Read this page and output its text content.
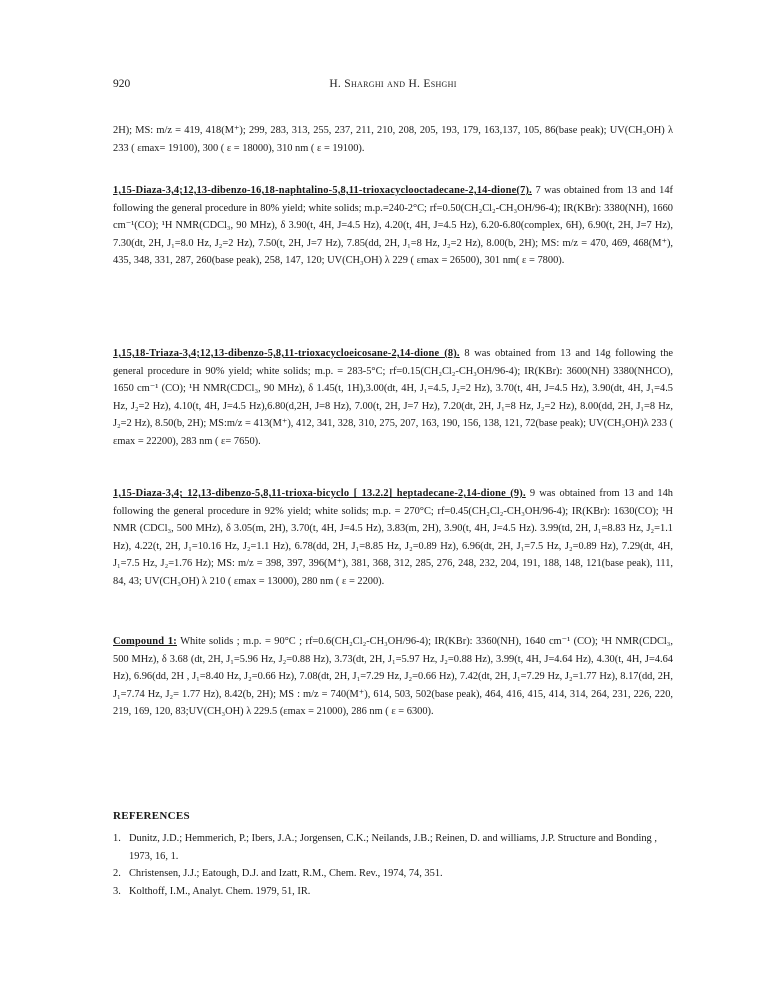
920	H. Sharghi and H. Eshghi

2H); MS: m/z = 419, 418(M⁺); 299, 283, 313, 255, 237, 211, 210, 208, 205, 193, 179, 163,137, 105, 86(base peak); UV(CH₃OH) λ 233 ( εmax= 19100), 300 ( ε = 18000), 310 nm ( ε = 19100).

1,15-Diaza-3,4;12,13-dibenzo-16,18-naphtalino-5,8,11-trioxacyclooctadecane-2,14-dione(7). 7 was obtained from 13 and 14f following the general procedure in 80% yield; white solids; m.p.=240-2°C; rf=0.50(CH₂Cl₂-CH₃OH/96-4); IR(KBr): 3380(NH), 1660 cm⁻¹(CO); ¹H NMR(CDCl₃, 90 MHz), δ 3.90(t, 4H, J=4.5 Hz), 4.20(t, 4H, J=4.5 Hz), 6.20-6.80(complex, 6H), 6.90(t, 2H, J=7 Hz), 7.30(dt, 2H, J₁=8.0 Hz, J₂=2 Hz), 7.50(t, 2H, J=7 Hz), 7.85(dd, 2H, J₁=8 Hz, J₂=2 Hz), 8.00(b, 2H); MS: m/z = 470, 469, 468(M⁺), 435, 348, 331, 287, 260(base peak), 258, 147, 120; UV(CH₃OH) λ 229 ( εmax = 26500), 301 nm( ε = 7800).

1,15,18-Triaza-3,4;12,13-dibenzo-5,8,11-trioxacycloeicosane-2,14-dione (8). 8 was obtained from 13 and 14g following the general procedure in 90% yield; white solids; m.p. = 283-5°C; rf=0.15(CH₂Cl₂-CH₃OH/96-4); IR(KBr): 3600(NH) 3380(NHCO), 1650 cm⁻¹ (CO); ¹H NMR(CDCl₃, 90 MHz), δ 1.45(t, 1H),3.00(dt, 4H, J₁=4.5, J₂=2 Hz), 3.70(t, 4H, J=4.5 Hz), 3.90(dt, 4H, J₁=4.5 Hz, J₂=2 Hz), 4.10(t, 4H, J=4.5 Hz),6.80(d,2H, J=8 Hz), 7.00(t, 2H, J=7 Hz), 7.20(dt, 2H, J₁=8 Hz, J₂=2 Hz), 8.00(dd, 2H, J₁=8 Hz, J₂=2 Hz), 8.50(b, 2H); MS:m/z = 413(M⁺), 412, 341, 328, 310, 275, 207, 163, 190, 156, 138, 121, 72(base peak); UV(CH₃OH)λ 233 ( εmax = 22200), 283 nm ( ε= 7650).

1,15-Diaza-3,4; 12,13-dibenzo-5,8,11-trioxa-bicyclo [ 13.2.2] heptadecane-2,14-dione (9). 9 was obtained from 13 and 14h following the general procedure in 92% yield; white solids; m.p. = 270°C; rf=0.45(CH₂Cl₂-CH₃OH/96-4); IR(KBr): 1630(CO); ¹H NMR (CDCl₃, 500 MHz), δ 3.05(m, 2H), 3.70(t, 4H, J=4.5 Hz), 3.83(m, 2H), 3.90(t, 4H, J=4.5 Hz). 3.99(td, 2H, J₁=8.83 Hz, J₂=1.1 Hz), 4.22(t, 2H, J₁=10.16 Hz, J₂=1.1 Hz), 6.78(dd, 2H, J₁=8.85 Hz, J₂=0.89 Hz), 6.96(dt, 2H, J₁=7.5 Hz, J₂=0.89 Hz), 7.29(dt, 4H, J₁=7.5 Hz, J₂=1.76 Hz); MS: m/z = 398, 397, 396(M⁺), 381, 368, 312, 285, 276, 248, 232, 204, 191, 188, 148, 121(base peak), 111, 84, 43; UV(CH₃OH) λ 210 ( εmax = 13000), 280 nm ( ε = 2200).

Compound 1: White solids ; m.p. = 90°C ; rf=0.6(CH₂Cl₂-CH₃OH/96-4); IR(KBr): 3360(NH), 1640 cm⁻¹ (CO); ¹H NMR(CDCl₃, 500 MHz), δ 3.68 (dt, 2H, J₁=5.96 Hz, J₂=0.88 Hz), 3.73(dt, 2H, J₁=5.97 Hz, J₂=0.88 Hz), 3.99(t, 4H, J=4.64 Hz), 4.30(t, 4H, J=4.64 Hz), 6.96(dd, 2H , J₁=8.40 Hz, J₂=0.66 Hz), 7.08(dt, 2H, J₁=7.29 Hz, J₂=0.66 Hz), 7.42(dt, 2H, J₁=7.29 Hz, J₂=1.77 Hz), 8.17(dd, 2H, J₁=7.74 Hz, J₂= 1.77 Hz), 8.42(b, 2H); MS : m/z = 740(M⁺), 614, 503, 502(base peak), 464, 416, 415, 414, 314, 264, 231, 226, 220, 219, 169, 120, 83;UV(CH₃OH) λ 229.5 (εmax = 21000), 286 nm ( ε = 6300).

REFERENCES
1. Dunitz, J.D.; Hemmerich, P.; Ibers, J.A.; Jorgensen, C.K.; Neilands, J.B.; Reinen, D. and williams, J.P. Structure and Bonding , 1973, 16, 1.
2. Christensen, J.J.; Eatough, D.J. and Izatt, R.M., Chem. Rev., 1974, 74, 351.
3. Kolthoff, I.M., Analyt. Chem. 1979, 51, IR.
